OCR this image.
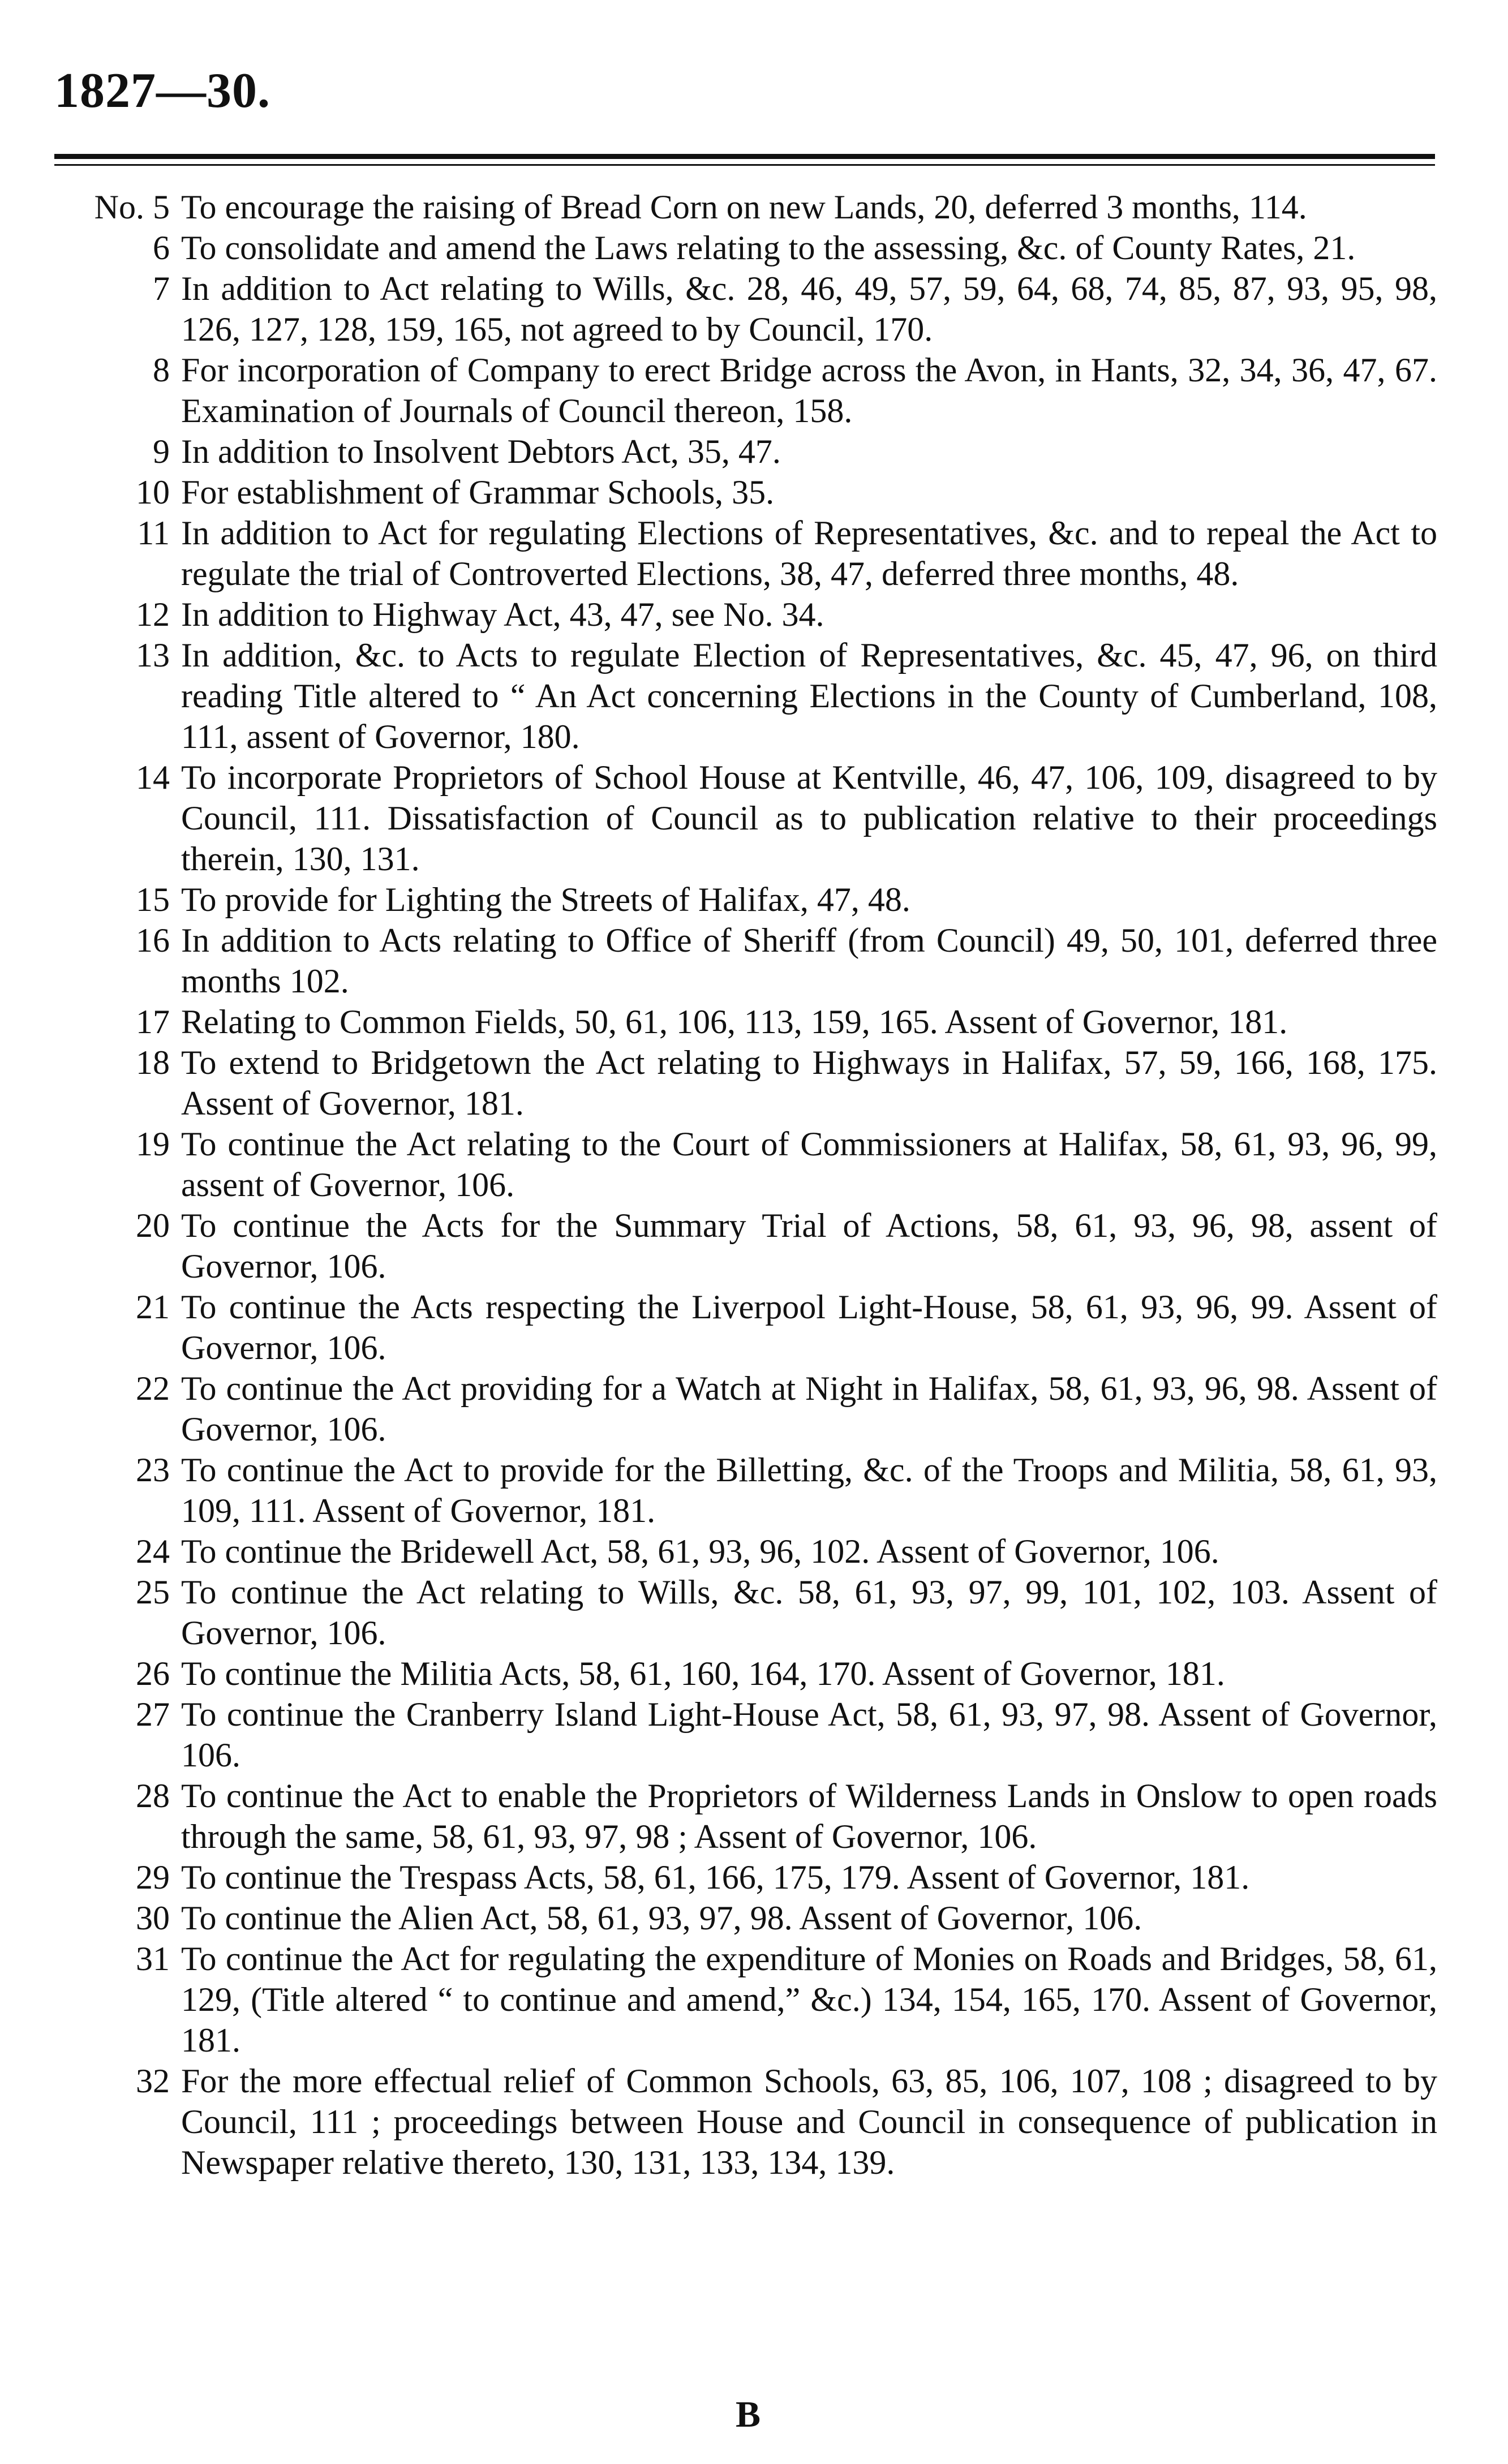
1827—30.
No. 5 To encourage the raising of Bread Corn on new Lands, 20, deferred 3 months, 114.
6 To consolidate and amend the Laws relating to the assessing, &c. of County Rates, 21.
7 In addition to Act relating to Wills, &c. 28, 46, 49, 57, 59, 64, 68, 74, 85, 87, 93, 95, 98, 126, 127, 128, 159, 165, not agreed to by Council, 170.
8 For incorporation of Company to erect Bridge across the Avon, in Hants, 32, 34, 36, 47, 67. Examination of Journals of Council thereon, 158.
9 In addition to Insolvent Debtors Act, 35, 47.
10 For establishment of Grammar Schools, 35.
11 In addition to Act for regulating Elections of Representatives, &c. and to repeal the Act to regulate the trial of Controverted Elections, 38, 47, deferred three months, 48.
12 In addition to Highway Act, 43, 47, see No. 34.
13 In addition, &c. to Acts to regulate Election of Representatives, &c. 45, 47, 96, on third reading Title altered to “ An Act concerning Elections in the County of Cumberland, 108, 111, assent of Governor, 180.
14 To incorporate Proprietors of School House at Kentville, 46, 47, 106, 109, disagreed to by Council, 111. Dissatisfaction of Council as to publication relative to their proceedings therein, 130, 131.
15 To provide for Lighting the Streets of Halifax, 47, 48.
16 In addition to Acts relating to Office of Sheriff (from Council) 49, 50, 101, deferred three months 102.
17 Relating to Common Fields, 50, 61, 106, 113, 159, 165. Assent of Governor, 181.
18 To extend to Bridgetown the Act relating to Highways in Halifax, 57, 59, 166, 168, 175. Assent of Governor, 181.
19 To continue the Act relating to the Court of Commissioners at Halifax, 58, 61, 93, 96, 99, assent of Governor, 106.
20 To continue the Acts for the Summary Trial of Actions, 58, 61, 93, 96, 98, assent of Governor, 106.
21 To continue the Acts respecting the Liverpool Light-House, 58, 61, 93, 96, 99. Assent of Governor, 106.
22 To continue the Act providing for a Watch at Night in Halifax, 58, 61, 93, 96, 98. Assent of Governor, 106.
23 To continue the Act to provide for the Billetting, &c. of the Troops and Militia, 58, 61, 93, 109, 111. Assent of Governor, 181.
24 To continue the Bridewell Act, 58, 61, 93, 96, 102. Assent of Governor, 106.
25 To continue the Act relating to Wills, &c. 58, 61, 93, 97, 99, 101, 102, 103. Assent of Governor, 106.
26 To continue the Militia Acts, 58, 61, 160, 164, 170. Assent of Governor, 181.
27 To continue the Cranberry Island Light-House Act, 58, 61, 93, 97, 98. Assent of Governor, 106.
28 To continue the Act to enable the Proprietors of Wilderness Lands in Onslow to open roads through the same, 58, 61, 93, 97, 98 ; Assent of Governor, 106.
29 To continue the Trespass Acts, 58, 61, 166, 175, 179. Assent of Governor, 181.
30 To continue the Alien Act, 58, 61, 93, 97, 98. Assent of Governor, 106.
31 To continue the Act for regulating the expenditure of Monies on Roads and Bridges, 58, 61, 129, (Title altered “ to continue and amend,” &c.) 134, 154, 165, 170. Assent of Governor, 181.
32 For the more effectual relief of Common Schools, 63, 85, 106, 107, 108 ; disagreed to by Council, 111 ; proceedings between House and Council in consequence of publication in Newspaper relative thereto, 130, 131, 133, 134, 139.
B
